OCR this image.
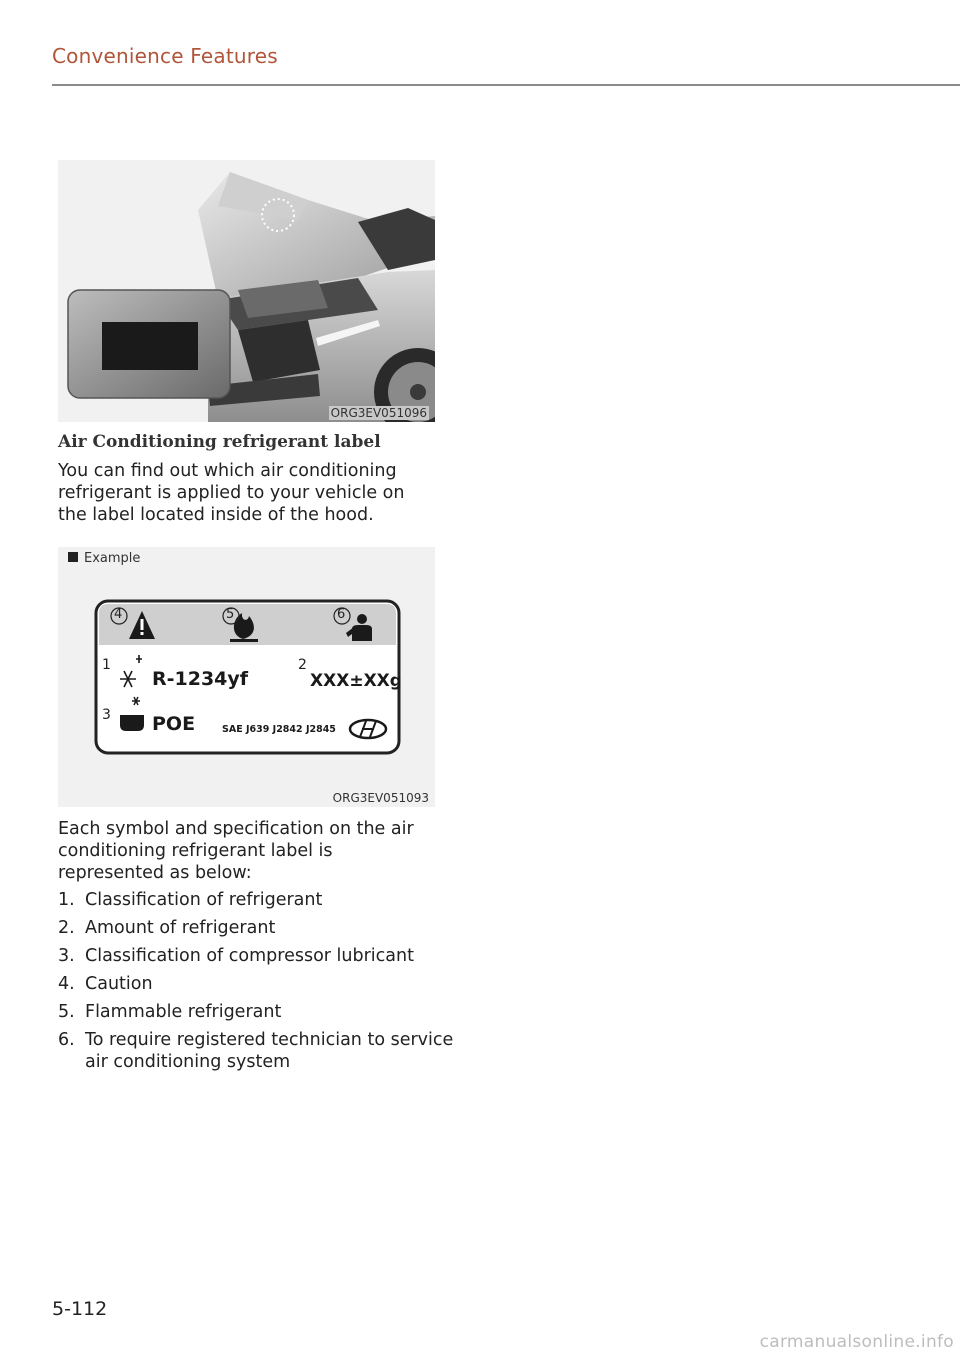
Convenience Features
ORG3EV051096
Air Conditioning refrigerant label
You can find out which air conditioning refrigerant is applied to your vehicle on the label located inside of the hood.
Example
4	5	6
1	2
3
R-1234yf	XXX±XXg
POE	SAE J639 J2842 J2845
ORG3EV051093
Each symbol and specification on the air conditioning refrigerant label is represented as below:
1. Classification of refrigerant
2. Amount of refrigerant
3. Classification of compressor lubricant
4. Caution
5. Flammable refrigerant
6. To require registered technician to service air conditioning system
5-112
carmanualsonline.info
